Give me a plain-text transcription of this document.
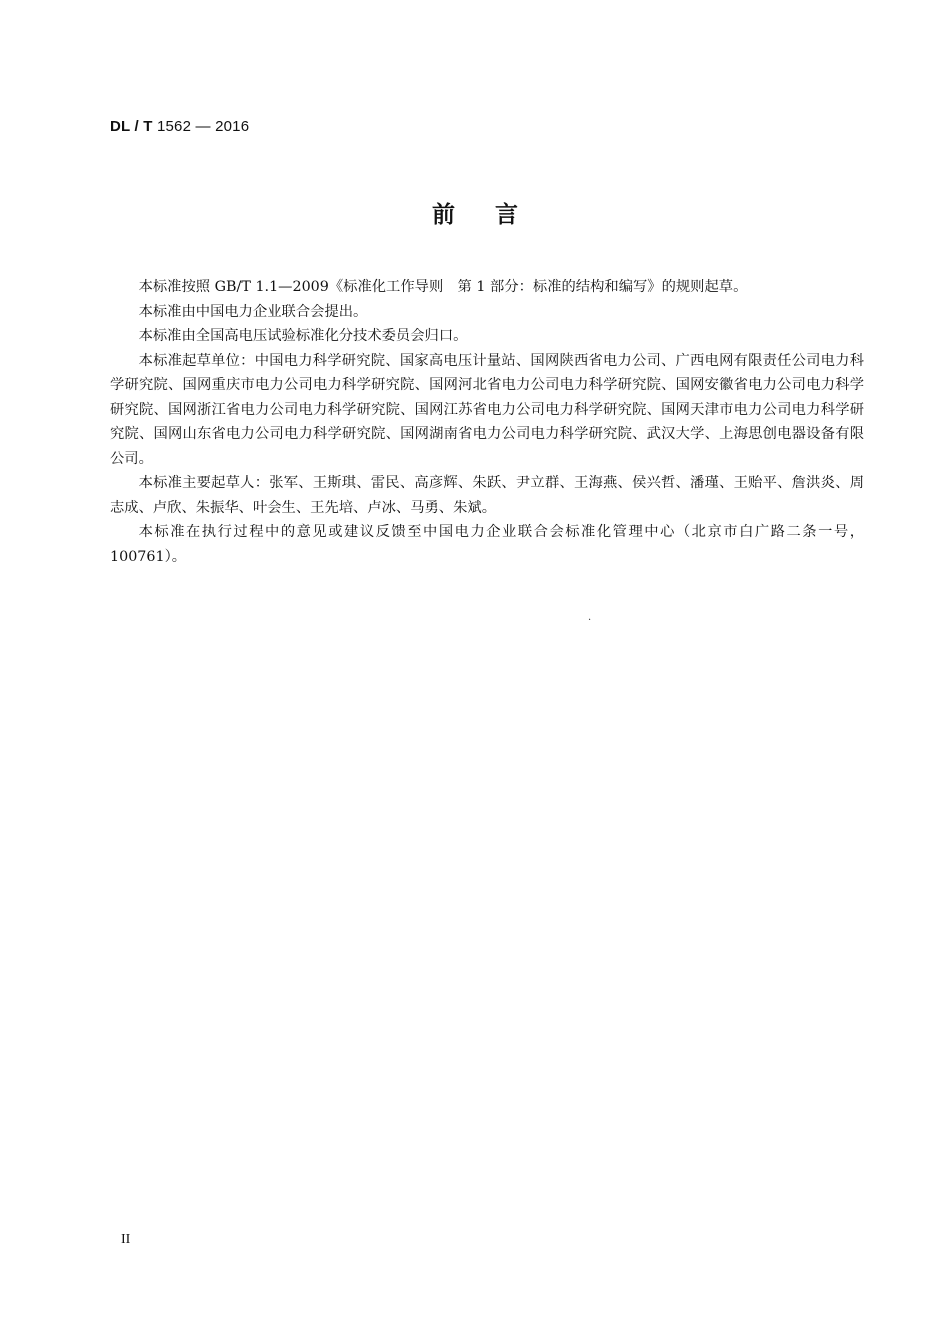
DL / T 1562 — 2016
前言

本标准按照 GB/T 1.1—2009《标准化工作导则　第 1 部分：标准的结构和编写》的规则起草。

本标准由中国电力企业联合会提出。

本标准由全国高电压试验标准化分技术委员会归口。

本标准起草单位：中国电力科学研究院、国家高电压计量站、国网陕西省电力公司、广西电网有限责任公司电力科学研究院、国网重庆市电力公司电力科学研究院、国网河北省电力公司电力科学研究院、国网安徽省电力公司电力科学研究院、国网浙江省电力公司电力科学研究院、国网江苏省电力公司电力科学研究院、国网天津市电力公司电力科学研究院、国网山东省电力公司电力科学研究院、国网湖南省电力公司电力科学研究院、武汉大学、上海思创电器设备有限公司。

本标准主要起草人：张军、王斯琪、雷民、高彦辉、朱跃、尹立群、王海燕、侯兴哲、潘瑾、王贻平、詹洪炎、周志成、卢欣、朱振华、叶会生、王先培、卢冰、马勇、朱斌。

本标准在执行过程中的意见或建议反馈至中国电力企业联合会标准化管理中心（北京市白广路二条一号，100761）。

.
II
